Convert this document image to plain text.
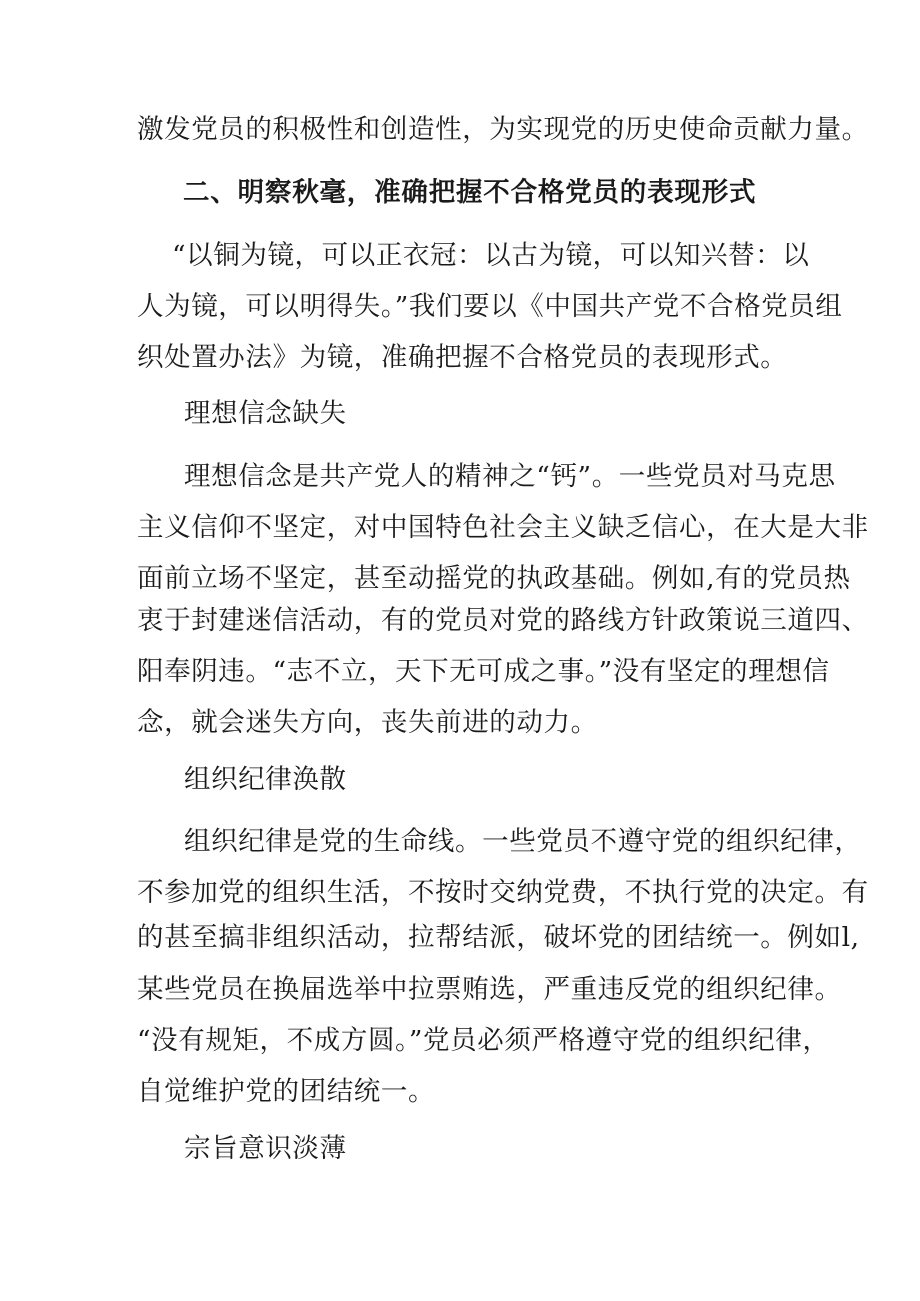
激发党员的积极性和创造性，为实现党的历史使命贡献力量。
二、明察秋毫，准确把握不合格党员的表现形式
“以铜为镜，可以正衣冠：以古为镜，可以知兴替：以
人为镜，可以明得失。”我们要以《中国共产党不合格党员组
织处置办法》为镜，准确把握不合格党员的表现形式。
理想信念缺失
理想信念是共产党人的精神之“钙”。一些党员对马克思
主义信仰不坚定，对中国特色社会主义缺乏信心，在大是大非
面前立场不坚定，甚至动摇党的执政基础。例如,有的党员热
衷于封建迷信活动，有的党员对党的路线方针政策说三道四、
阳奉阴违。“志不立，天下无可成之事。”没有坚定的理想信
念，就会迷失方向，丧失前进的动力。
组织纪律涣散
组织纪律是党的生命线。一些党员不遵守党的组织纪律，
不参加党的组织生活，不按时交纳党费，不执行党的决定。有
的甚至搞非组织活动，拉帮结派，破坏党的团结统一。例如l,
某些党员在换届选举中拉票贿选，严重违反党的组织纪律。
“没有规矩，不成方圆。”党员必须严格遵守党的组织纪律，
自觉维护党的团结统一。
宗旨意识淡薄
